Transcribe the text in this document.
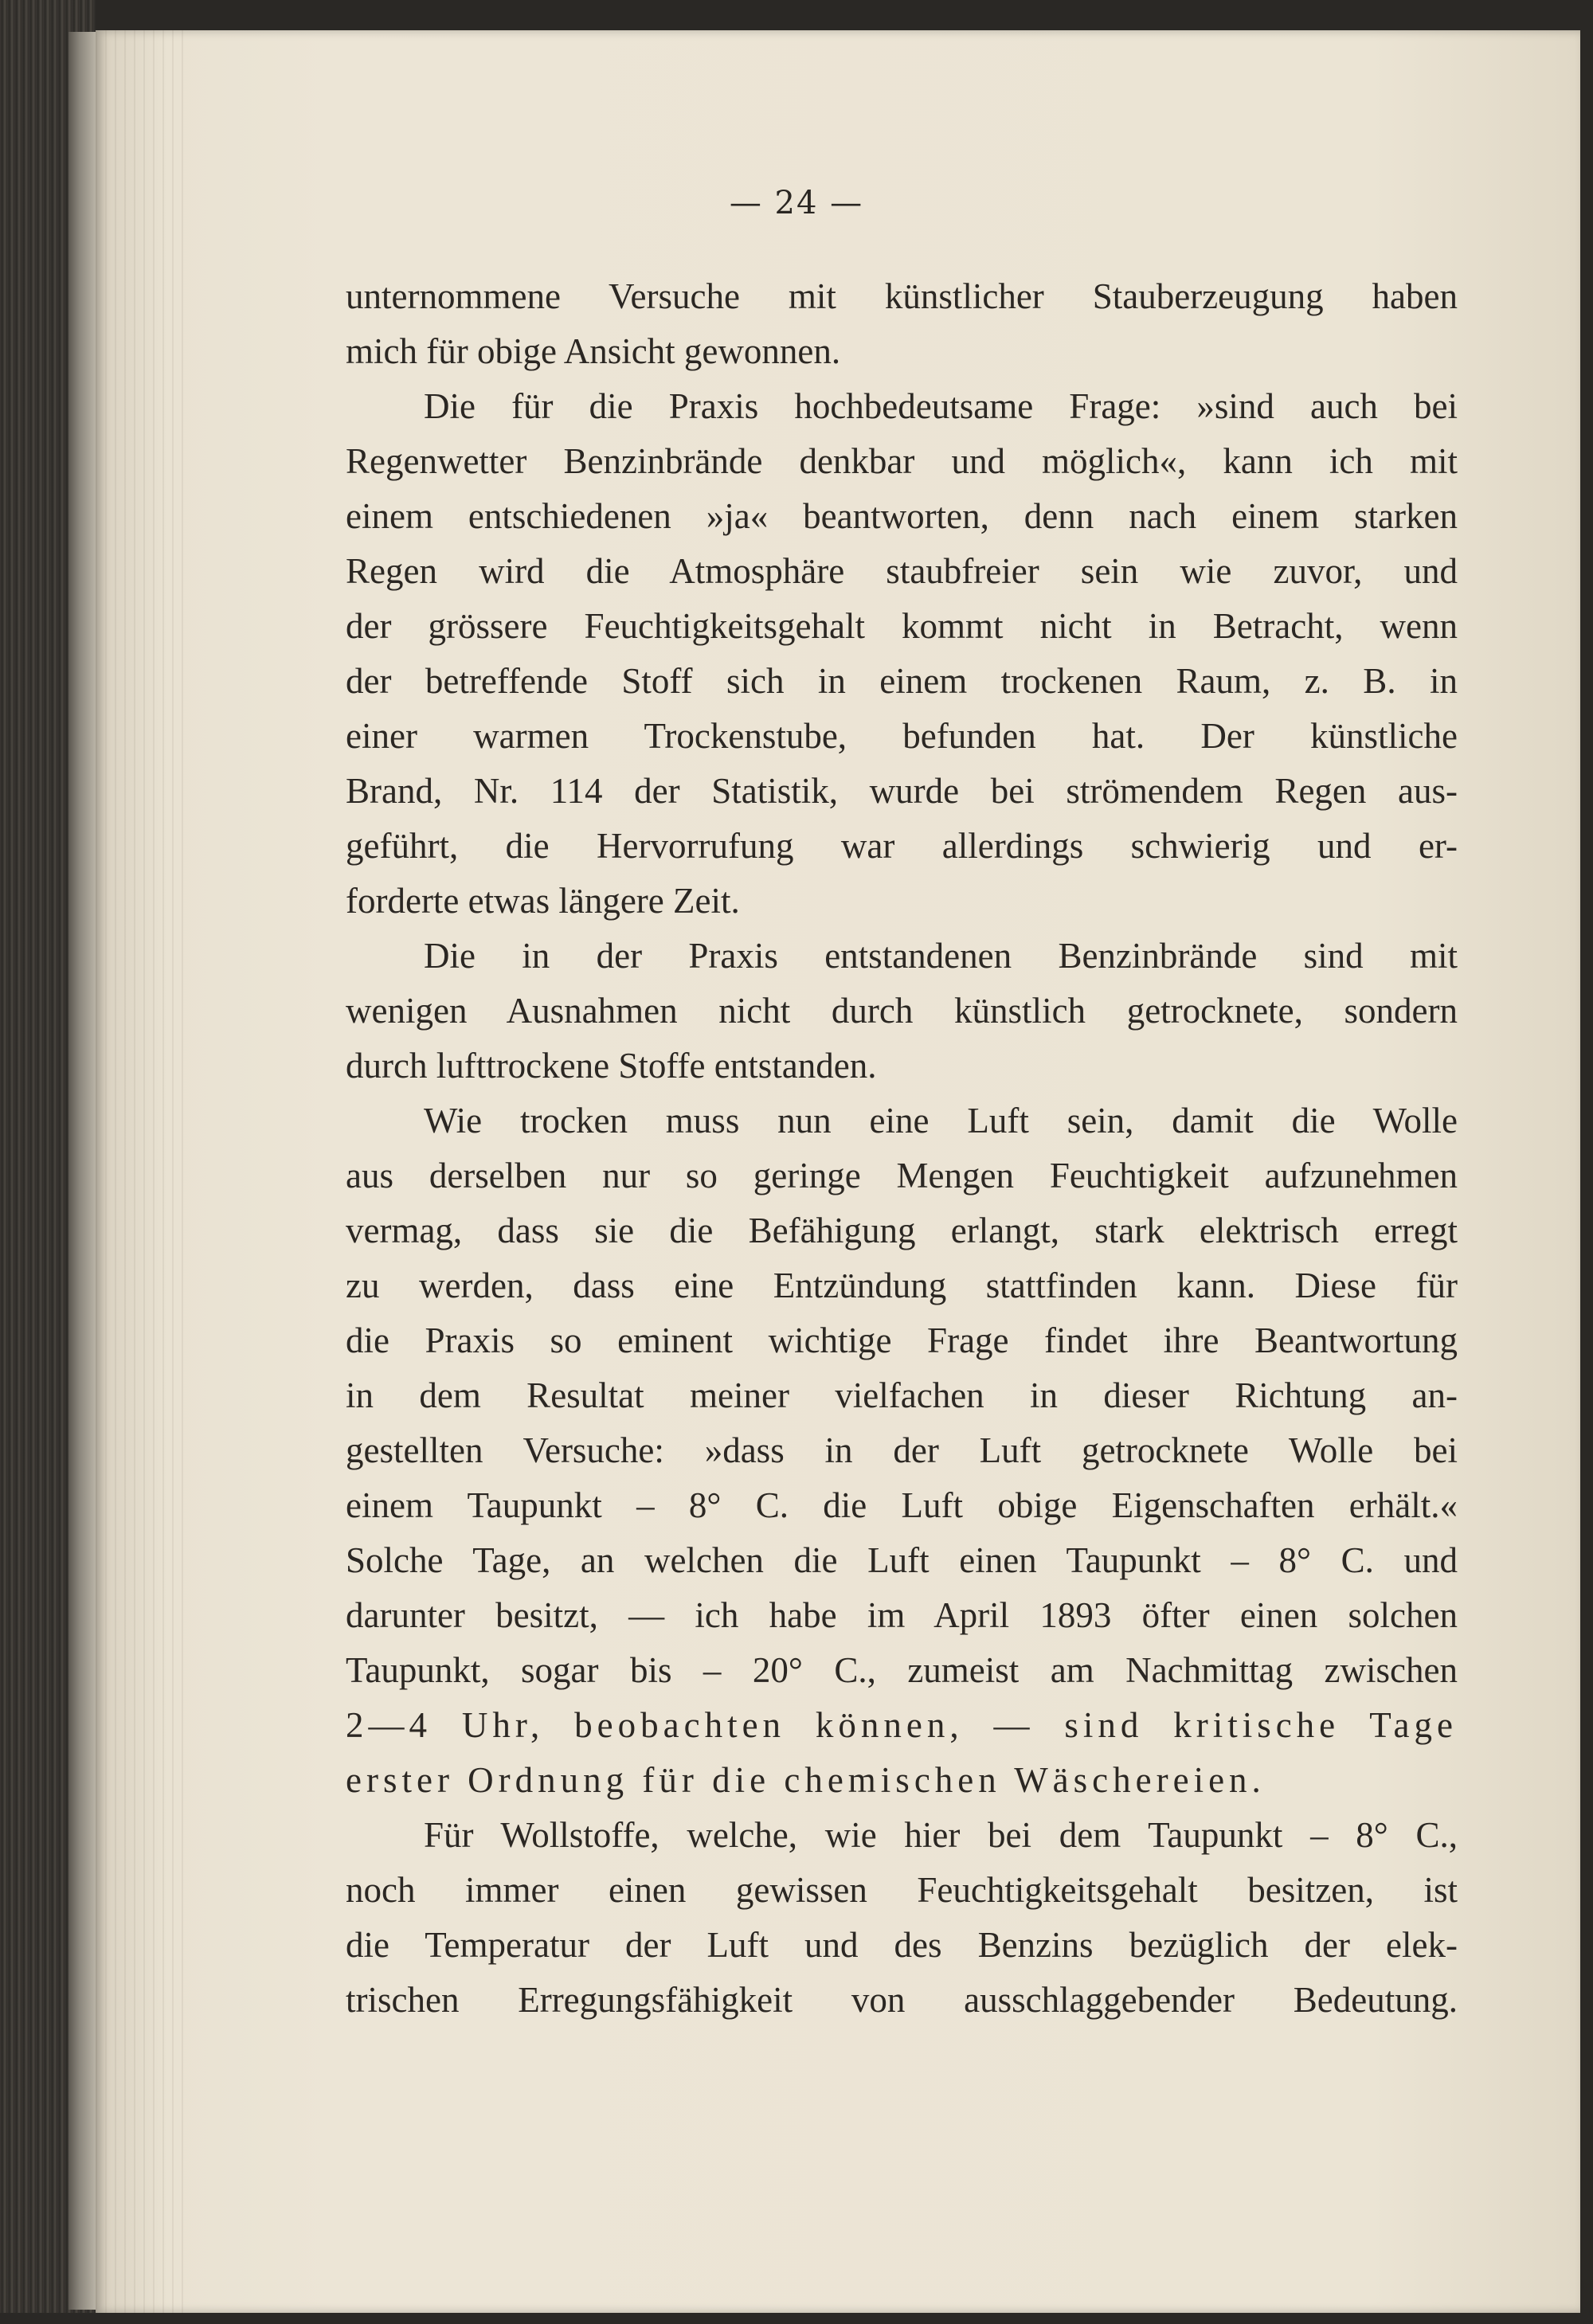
— 24 —
unternommene Versuche mit künstlicher Stauberzeugung haben
mich für obige Ansicht gewonnen.
Die für die Praxis hochbedeutsame Frage: »sind auch bei
Regenwetter Benzinbrände denkbar und möglich«, kann ich mit
einem entschiedenen »ja« beantworten, denn nach einem starken
Regen wird die Atmosphäre staubfreier sein wie zuvor, und
der grössere Feuchtigkeitsgehalt kommt nicht in Betracht, wenn
der betreffende Stoff sich in einem trockenen Raum, z. B. in
einer warmen Trockenstube, befunden hat. Der künstliche
Brand, Nr. 114 der Statistik, wurde bei strömendem Regen aus-
geführt, die Hervorrufung war allerdings schwierig und er-
forderte etwas längere Zeit.
Die in der Praxis entstandenen Benzinbrände sind mit
wenigen Ausnahmen nicht durch künstlich getrocknete, sondern
durch lufttrockene Stoffe entstanden.
Wie trocken muss nun eine Luft sein, damit die Wolle
aus derselben nur so geringe Mengen Feuchtigkeit aufzunehmen
vermag, dass sie die Befähigung erlangt, stark elektrisch erregt
zu werden, dass eine Entzündung stattfinden kann. Diese für
die Praxis so eminent wichtige Frage findet ihre Beantwortung
in dem Resultat meiner vielfachen in dieser Richtung an-
gestellten Versuche: »dass in der Luft getrocknete Wolle bei
einem Taupunkt – 8° C. die Luft obige Eigenschaften erhält.«
Solche Tage, an welchen die Luft einen Taupunkt – 8° C. und
darunter besitzt, — ich habe im April 1893 öfter einen solchen
Taupunkt, sogar bis – 20° C., zumeist am Nachmittag zwischen
2—4 Uhr, beobachten können, — sind kritische Tage
erster Ordnung für die chemischen Wäschereien.
Für Wollstoffe, welche, wie hier bei dem Taupunkt – 8° C.,
noch immer einen gewissen Feuchtigkeitsgehalt besitzen, ist
die Temperatur der Luft und des Benzins bezüglich der elek-
trischen Erregungsfähigkeit von ausschlaggebender Bedeutung.
